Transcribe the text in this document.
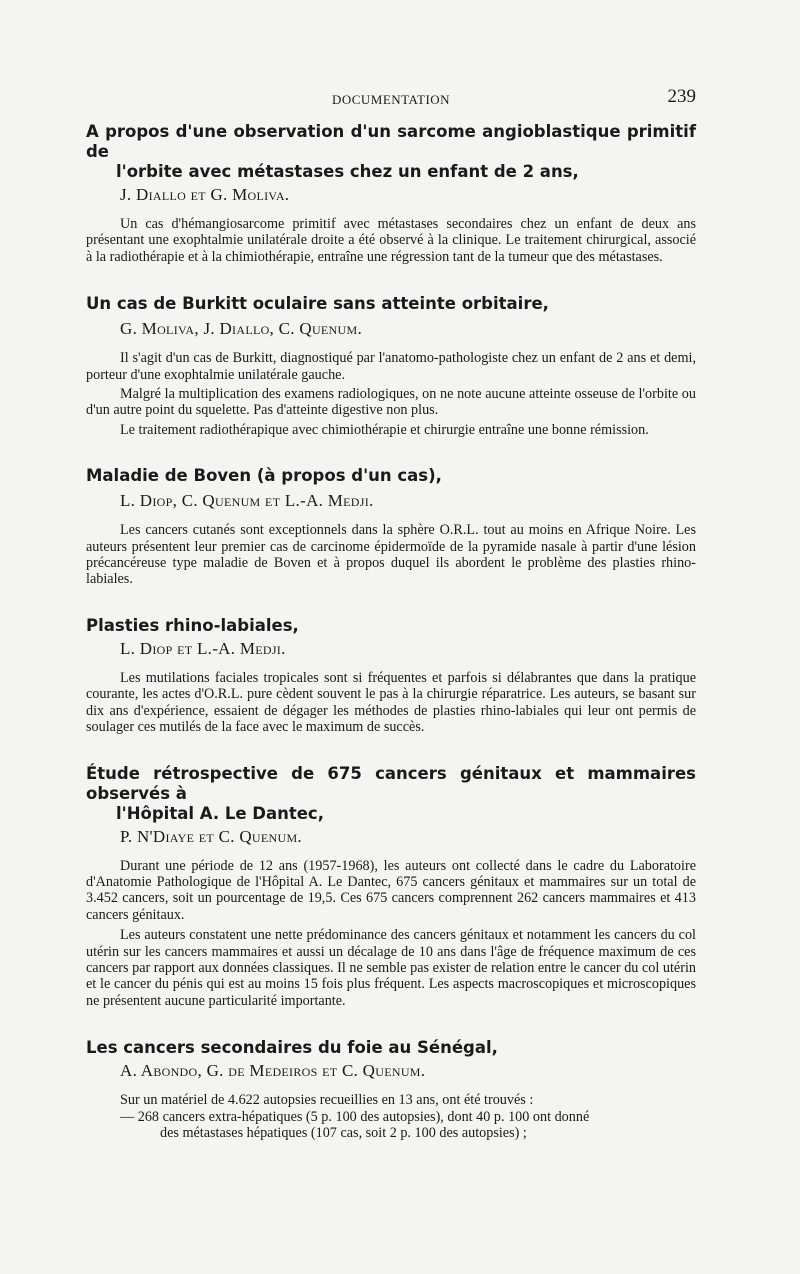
DOCUMENTATION	239

A propos d'une observation d'un sarcome angioblastique primitif de
l'orbite avec métastases chez un enfant de 2 ans,

J. Diallo et G. Moliva.

Un cas d'hémangiosarcome primitif avec métastases secondaires chez un enfant de deux ans présentant une exophtalmie unilatérale droite a été observé à la clinique. Le traitement chirurgical, associé à la radiothérapie et à la chimiothérapie, entraîne une régression tant de la tumeur que des métastases.

Un cas de Burkitt oculaire sans atteinte orbitaire,

G. Moliva, J. Diallo, C. Quenum.

Il s'agit d'un cas de Burkitt, diagnostiqué par l'anatomo-pathologiste chez un enfant de 2 ans et demi, porteur d'une exophtalmie unilatérale gauche.

Malgré la multiplication des examens radiologiques, on ne note aucune atteinte osseuse de l'orbite ou d'un autre point du squelette. Pas d'atteinte digestive non plus.

Le traitement radiothérapique avec chimiothérapie et chirurgie entraîne une bonne rémission.

Maladie de Boven (à propos d'un cas),

L. Diop, C. Quenum et L.-A. Medji.

Les cancers cutanés sont exceptionnels dans la sphère O.R.L. tout au moins en Afrique Noire. Les auteurs présentent leur premier cas de carcinome épidermoïde de la pyramide nasale à partir d'une lésion précancéreuse type maladie de Boven et à propos duquel ils abordent le problème des plasties rhino-labiales.

Plasties rhino-labiales,

L. Diop et L.-A. Medji.

Les mutilations faciales tropicales sont si fréquentes et parfois si délabrantes que dans la pratique courante, les actes d'O.R.L. pure cèdent souvent le pas à la chirurgie réparatrice. Les auteurs, se basant sur dix ans d'expérience, essaient de dégager les méthodes de plasties rhino-labiales qui leur ont permis de soulager ces mutilés de la face avec le maximum de succès.

Étude rétrospective de 675 cancers génitaux et mammaires observés à
l'Hôpital A. Le Dantec,

P. N'Diaye et C. Quenum.

Durant une période de 12 ans (1957-1968), les auteurs ont collecté dans le cadre du Laboratoire d'Anatomie Pathologique de l'Hôpital A. Le Dantec, 675 cancers génitaux et mammaires sur un total de 3.452 cancers, soit un pourcentage de 19,5. Ces 675 cancers comprennent 262 cancers mammaires et 413 cancers génitaux.

Les auteurs constatent une nette prédominance des cancers génitaux et notamment les cancers du col utérin sur les cancers mammaires et aussi un décalage de 10 ans dans l'âge de fréquence maximum de ces cancers par rapport aux données classiques. Il ne semble pas exister de relation entre le cancer du col utérin et le cancer du pénis qui est au moins 15 fois plus fréquent. Les aspects macroscopiques et microscopiques ne présentent aucune particularité importante.

Les cancers secondaires du foie au Sénégal,

A. Abondo, G. de Medeiros et C. Quenum.

Sur un matériel de 4.622 autopsies recueillies en 13 ans, ont été trouvés :

— 268 cancers extra-hépatiques (5 p. 100 des autopsies), dont 40 p. 100 ont donné
des métastases hépatiques (107 cas, soit 2 p. 100 des autopsies) ;
